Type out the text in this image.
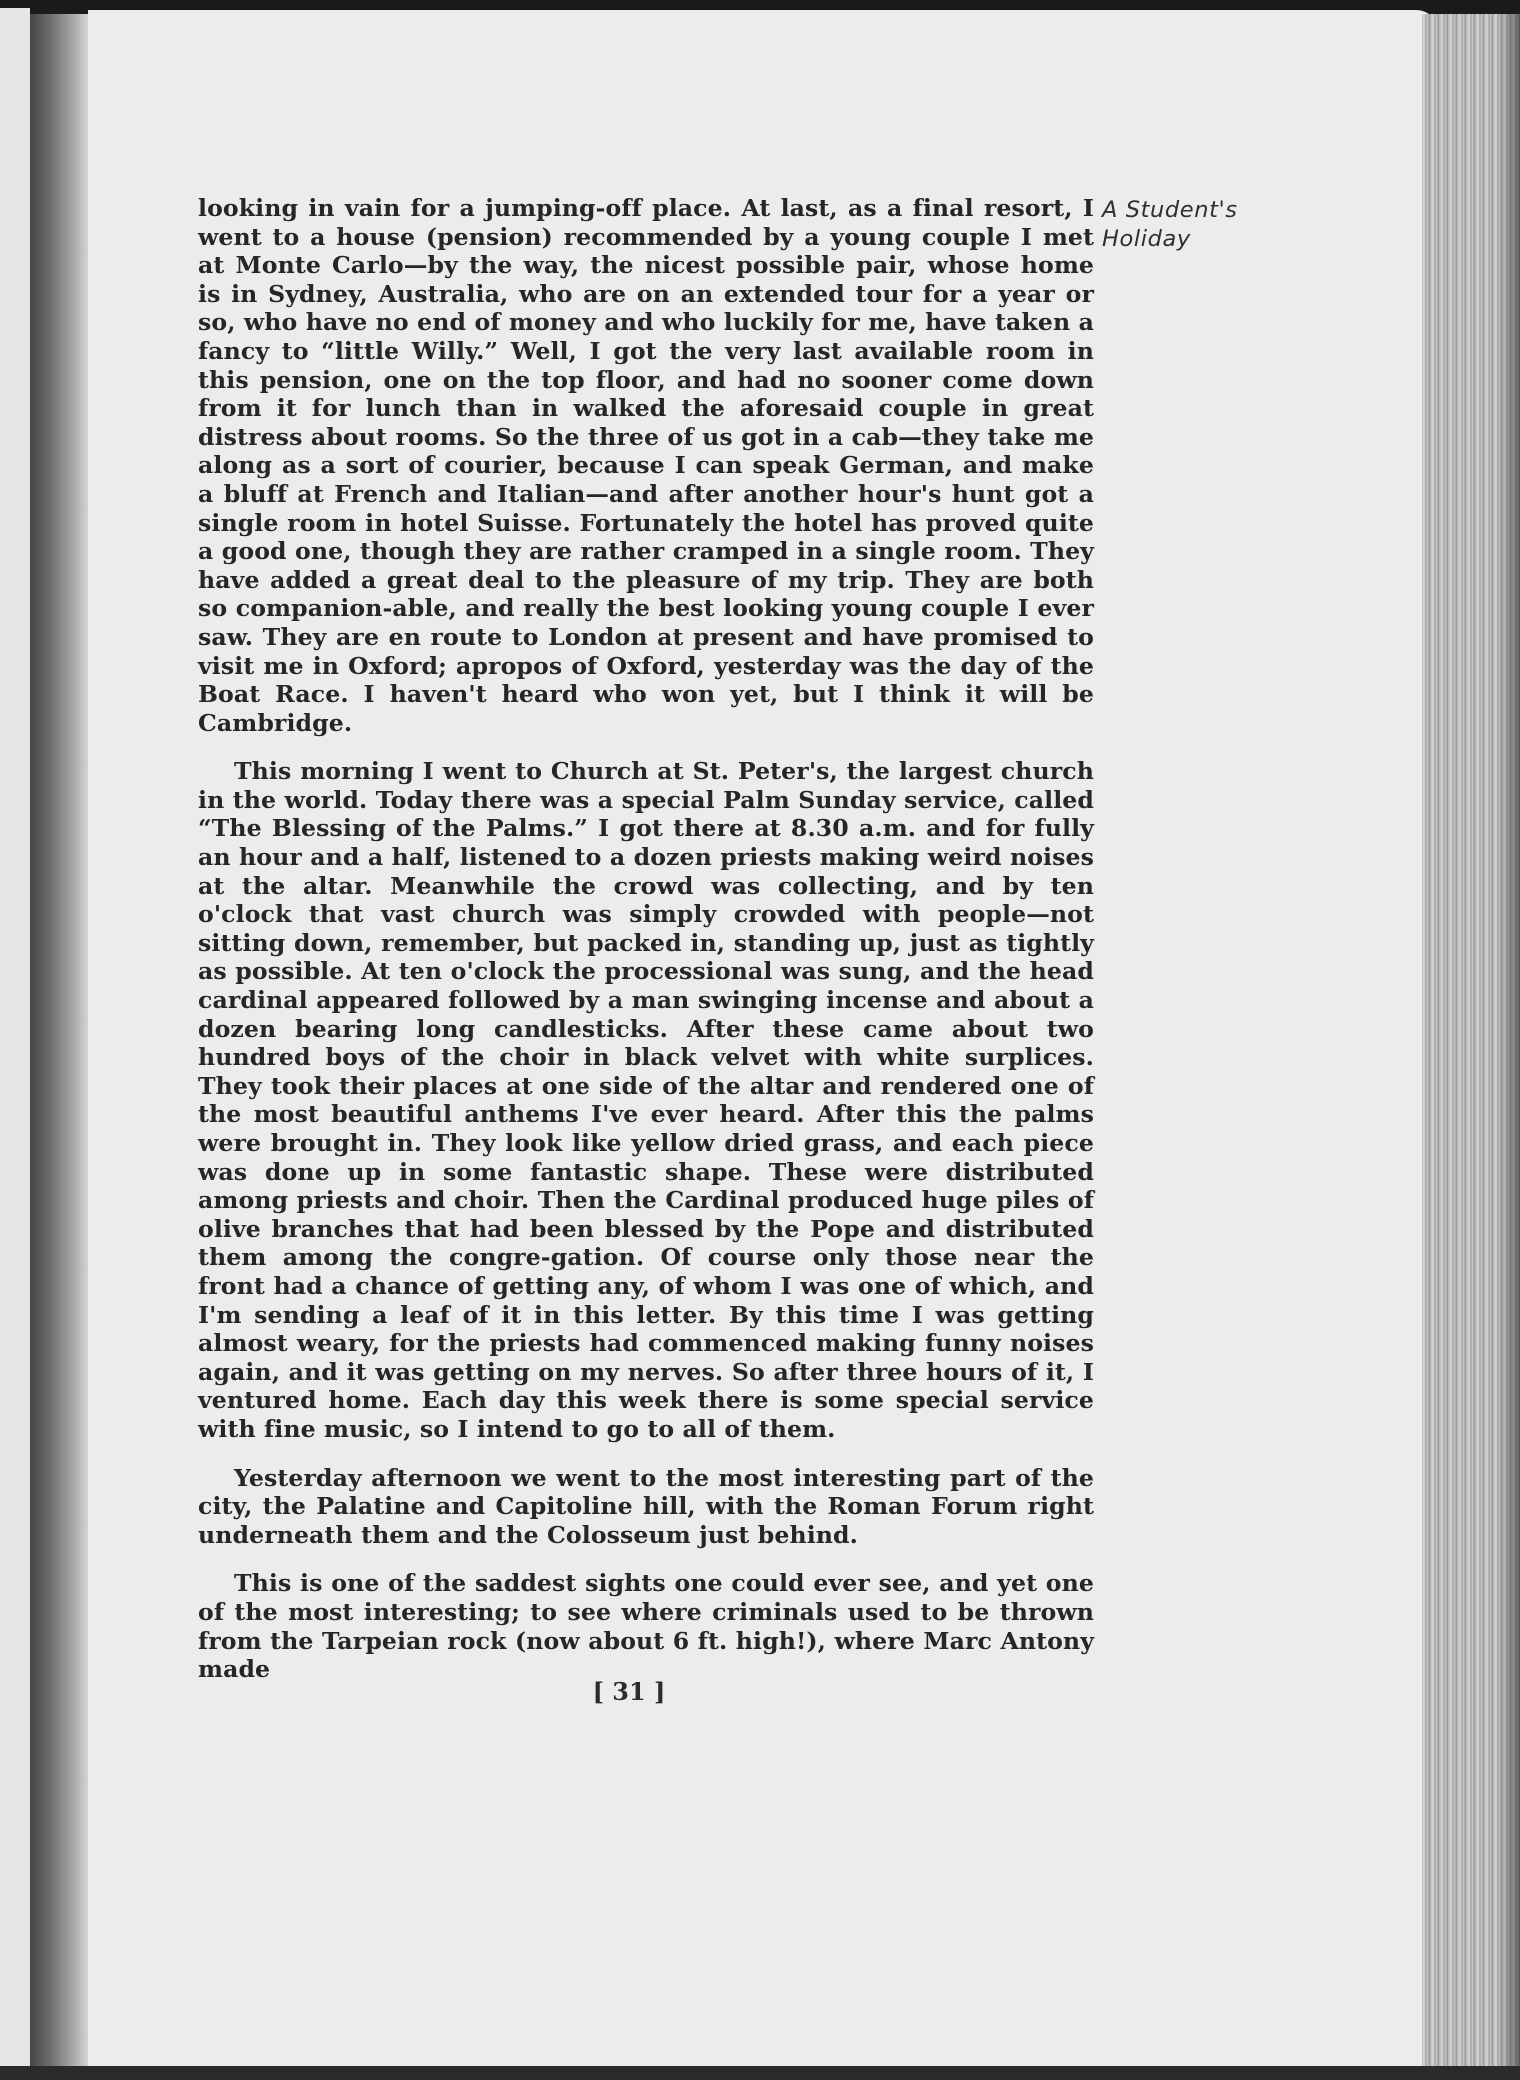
A Student's
Holiday

looking in vain for a jumping-off place. At last, as a final resort, I went to a house (pension) recommended by a young couple I met at Monte Carlo—by the way, the nicest possible pair, whose home is in Sydney, Australia, who are on an extended tour for a year or so, who have no end of money and who luckily for me, have taken a fancy to “little Willy.” Well, I got the very last available room in this pension, one on the top floor, and had no sooner come down from it for lunch than in walked the aforesaid couple in great distress about rooms. So the three of us got in a cab—they take me along as a sort of courier, because I can speak German, and make a bluff at French and Italian—and after another hour's hunt got a single room in hotel Suisse. Fortunately the hotel has proved quite a good one, though they are rather cramped in a single room. They have added a great deal to the pleasure of my trip. They are both so companion-able, and really the best looking young couple I ever saw. They are en route to London at present and have promised to visit me in Oxford; apropos of Oxford, yesterday was the day of the Boat Race. I haven't heard who won yet, but I think it will be Cambridge.

This morning I went to Church at St. Peter's, the largest church in the world. Today there was a special Palm Sunday service, called “The Blessing of the Palms.” I got there at 8.30 a.m. and for fully an hour and a half, listened to a dozen priests making weird noises at the altar. Meanwhile the crowd was collecting, and by ten o'clock that vast church was simply crowded with people—not sitting down, remember, but packed in, standing up, just as tightly as possible. At ten o'clock the processional was sung, and the head cardinal appeared followed by a man swinging incense and about a dozen bearing long candlesticks. After these came about two hundred boys of the choir in black velvet with white surplices. They took their places at one side of the altar and rendered one of the most beautiful anthems I've ever heard. After this the palms were brought in. They look like yellow dried grass, and each piece was done up in some fantastic shape. These were distributed among priests and choir. Then the Cardinal produced huge piles of olive branches that had been blessed by the Pope and distributed them among the congre-gation. Of course only those near the front had a chance of getting any, of whom I was one of which, and I'm sending a leaf of it in this letter. By this time I was getting almost weary, for the priests had commenced making funny noises again, and it was getting on my nerves. So after three hours of it, I ventured home. Each day this week there is some special service with fine music, so I intend to go to all of them.

Yesterday afternoon we went to the most interesting part of the city, the Palatine and Capitoline hill, with the Roman Forum right underneath them and the Colosseum just behind.

This is one of the saddest sights one could ever see, and yet one of the most interesting; to see where criminals used to be thrown from the Tarpeian rock (now about 6 ft. high!), where Marc Antony made

[ 31 ]
